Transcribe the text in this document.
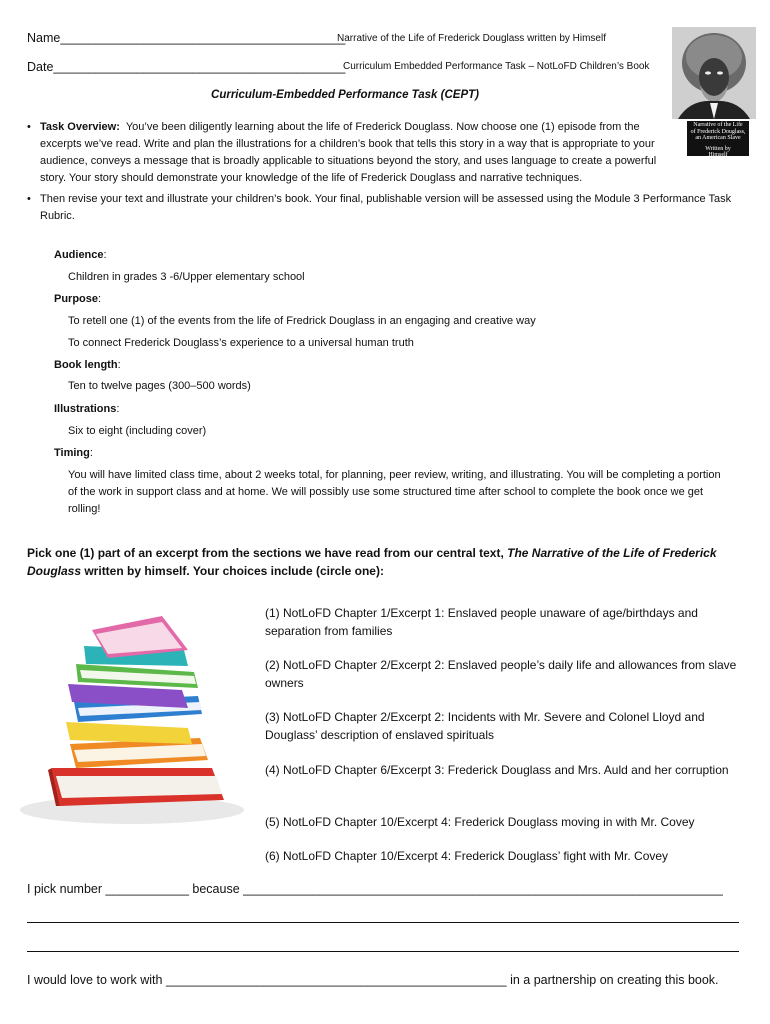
Name_________________________________________
Narrative of the Life of Frederick Douglass written by Himself
Date__________________________________________
Curriculum Embedded Performance Task – NotLoFD Children’s Book
Narrative of the Life
of Frederick Douglass,
an American Slave
Written by
Himself
Curriculum-Embedded Performance Task (CEPT)
• Task Overview: You’ve been diligently learning about the life of Frederick Douglass. Now choose one (1) episode from the excerpts we’ve read. Write and plan the illustrations for a children’s book that tells this story in a way that is appropriate to your audience, conveys a message that is broadly applicable to situations beyond the story, and uses language to create a powerful story. Your story should demonstrate your knowledge of the life of Frederick Douglass and narrative techniques.
• Then revise your text and illustrate your children’s book. Your final, publishable version will be assessed using the Module 3 Performance Task Rubric.
Audience:
Children in grades 3 -6/Upper elementary school
Purpose:
To retell one (1) of the events from the life of Fredrick Douglass in an engaging and creative way
To connect Frederick Douglass’s experience to a universal human truth
Book length:
Ten to twelve pages (300–500 words)
Illustrations:
Six to eight (including cover)
Timing:
You will have limited class time, about 2 weeks total, for planning, peer review, writing, and illustrating. You will be completing a portion of the work in support class and at home. We will possibly use some structured time after school to complete the book once we get rolling!
Pick one (1) part of an excerpt from the sections we have read from our central text, The Narrative of the Life of Frederick Douglass written by himself. Your choices include (circle one):
(1) NotLoFD Chapter 1/Excerpt 1: Enslaved people unaware of age/birthdays and separation from families
(2) NotLoFD Chapter 2/Excerpt 2: Enslaved people’s daily life and allowances from slave owners
(3) NotLoFD Chapter 2/Excerpt 2: Incidents with Mr. Severe and Colonel Lloyd and Douglass’ description of enslaved spirituals
(4) NotLoFD Chapter 6/Excerpt 3: Frederick Douglass and Mrs. Auld and her corruption
(5) NotLoFD Chapter 10/Excerpt 4: Frederick Douglass moving in with Mr. Covey
(6) NotLoFD Chapter 10/Excerpt 4: Frederick Douglass’ fight with Mr. Covey
I pick number ____________ because _____________________________________________________________________
I would love to work with _________________________________________________ in a partnership on creating this book.
